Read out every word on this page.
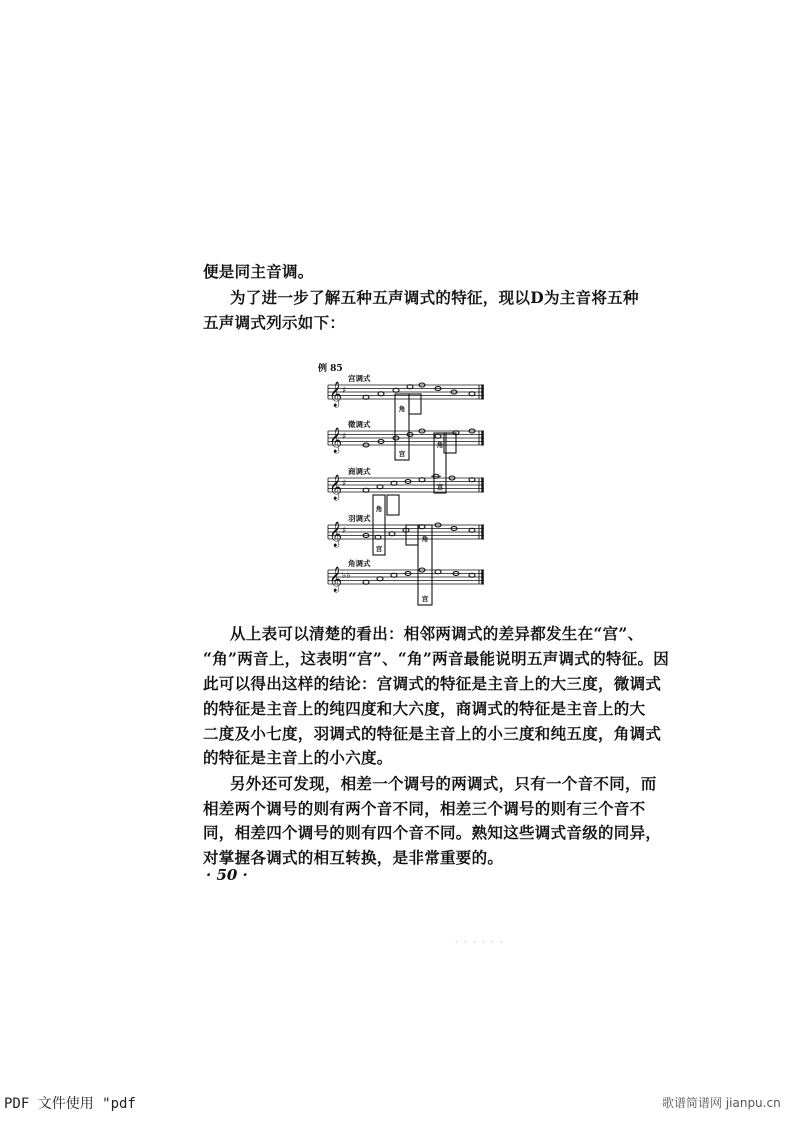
便是同主音调。
为了进一步了解五种五声调式的特征，现以D为主音将五种
五声调式列示如下：
例 85
𝄞 ♯
𝄞 ♯
𝄞 ♯
𝄞 ♯
𝄞 ♭♭
宫调式
徵调式
商调式
羽调式
角调式
角
宫
角
宫
角
宫
角
宫
从上表可以清楚的看出：相邻两调式的差异都发生在“宫”、
“角”两音上，这表明“宫”、“角”两音最能说明五声调式的特征。因
此可以得出这样的结论：宫调式的特征是主音上的大三度，微调式
的特征是主音上的纯四度和大六度，商调式的特征是主音上的大
二度及小七度，羽调式的特征是主音上的小三度和纯五度，角调式
的特征是主音上的小六度。
另外还可发现，相差一个调号的两调式，只有一个音不同，而
相差两个调号的则有两个音不同，相差三个调号的则有三个音不
同，相差四个调号的则有四个音不同。熟知这些调式音级的同异，
对掌握各调式的相互转换，是非常重要的。
· 50 ·
· · · · · ·
PDF 文件使用 "pdf	歌谱简谱网 jianpu.cn
